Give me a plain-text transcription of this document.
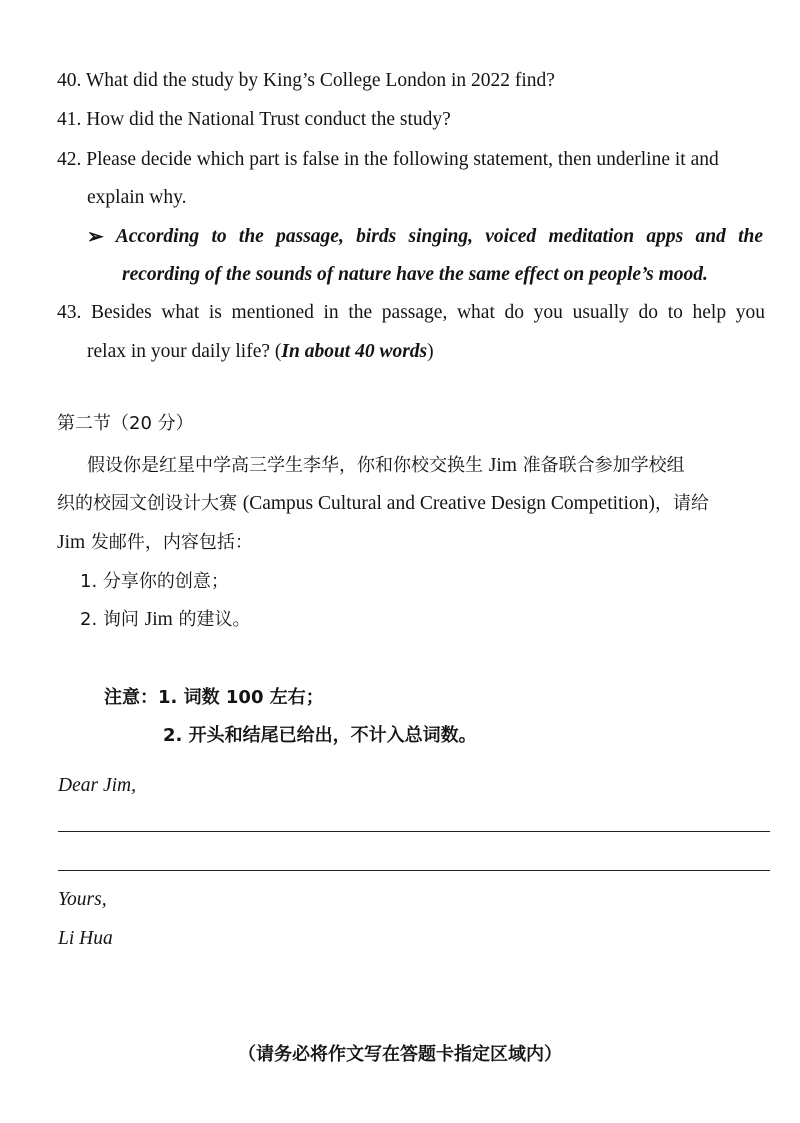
40. What did the study by King’s College London in 2022 find?
41. How did the National Trust conduct the study?
42. Please decide which part is false in the following statement, then underline it and
explain why.
➢ According to the passage, birds singing, voiced meditation apps and the
recording of the sounds of nature have the same effect on people’s mood.
43. Besides what is mentioned in the passage, what do you usually do to help you
relax in your daily life? (In about 40 words)
第二节（20 分）
假设你是红星中学高三学生李华，你和你校交换生 Jim 准备联合参加学校组
织的校园文创设计大赛 (Campus Cultural and Creative Design Competition)，请给
Jim 发邮件，内容包括：
1. 分享你的创意；
2. 询问 Jim 的建议。
注意：1. 词数 100 左右；
2. 开头和结尾已给出，不计入总词数。
Dear Jim,
Yours,
Li Hua
（请务必将作文写在答题卡指定区域内）
